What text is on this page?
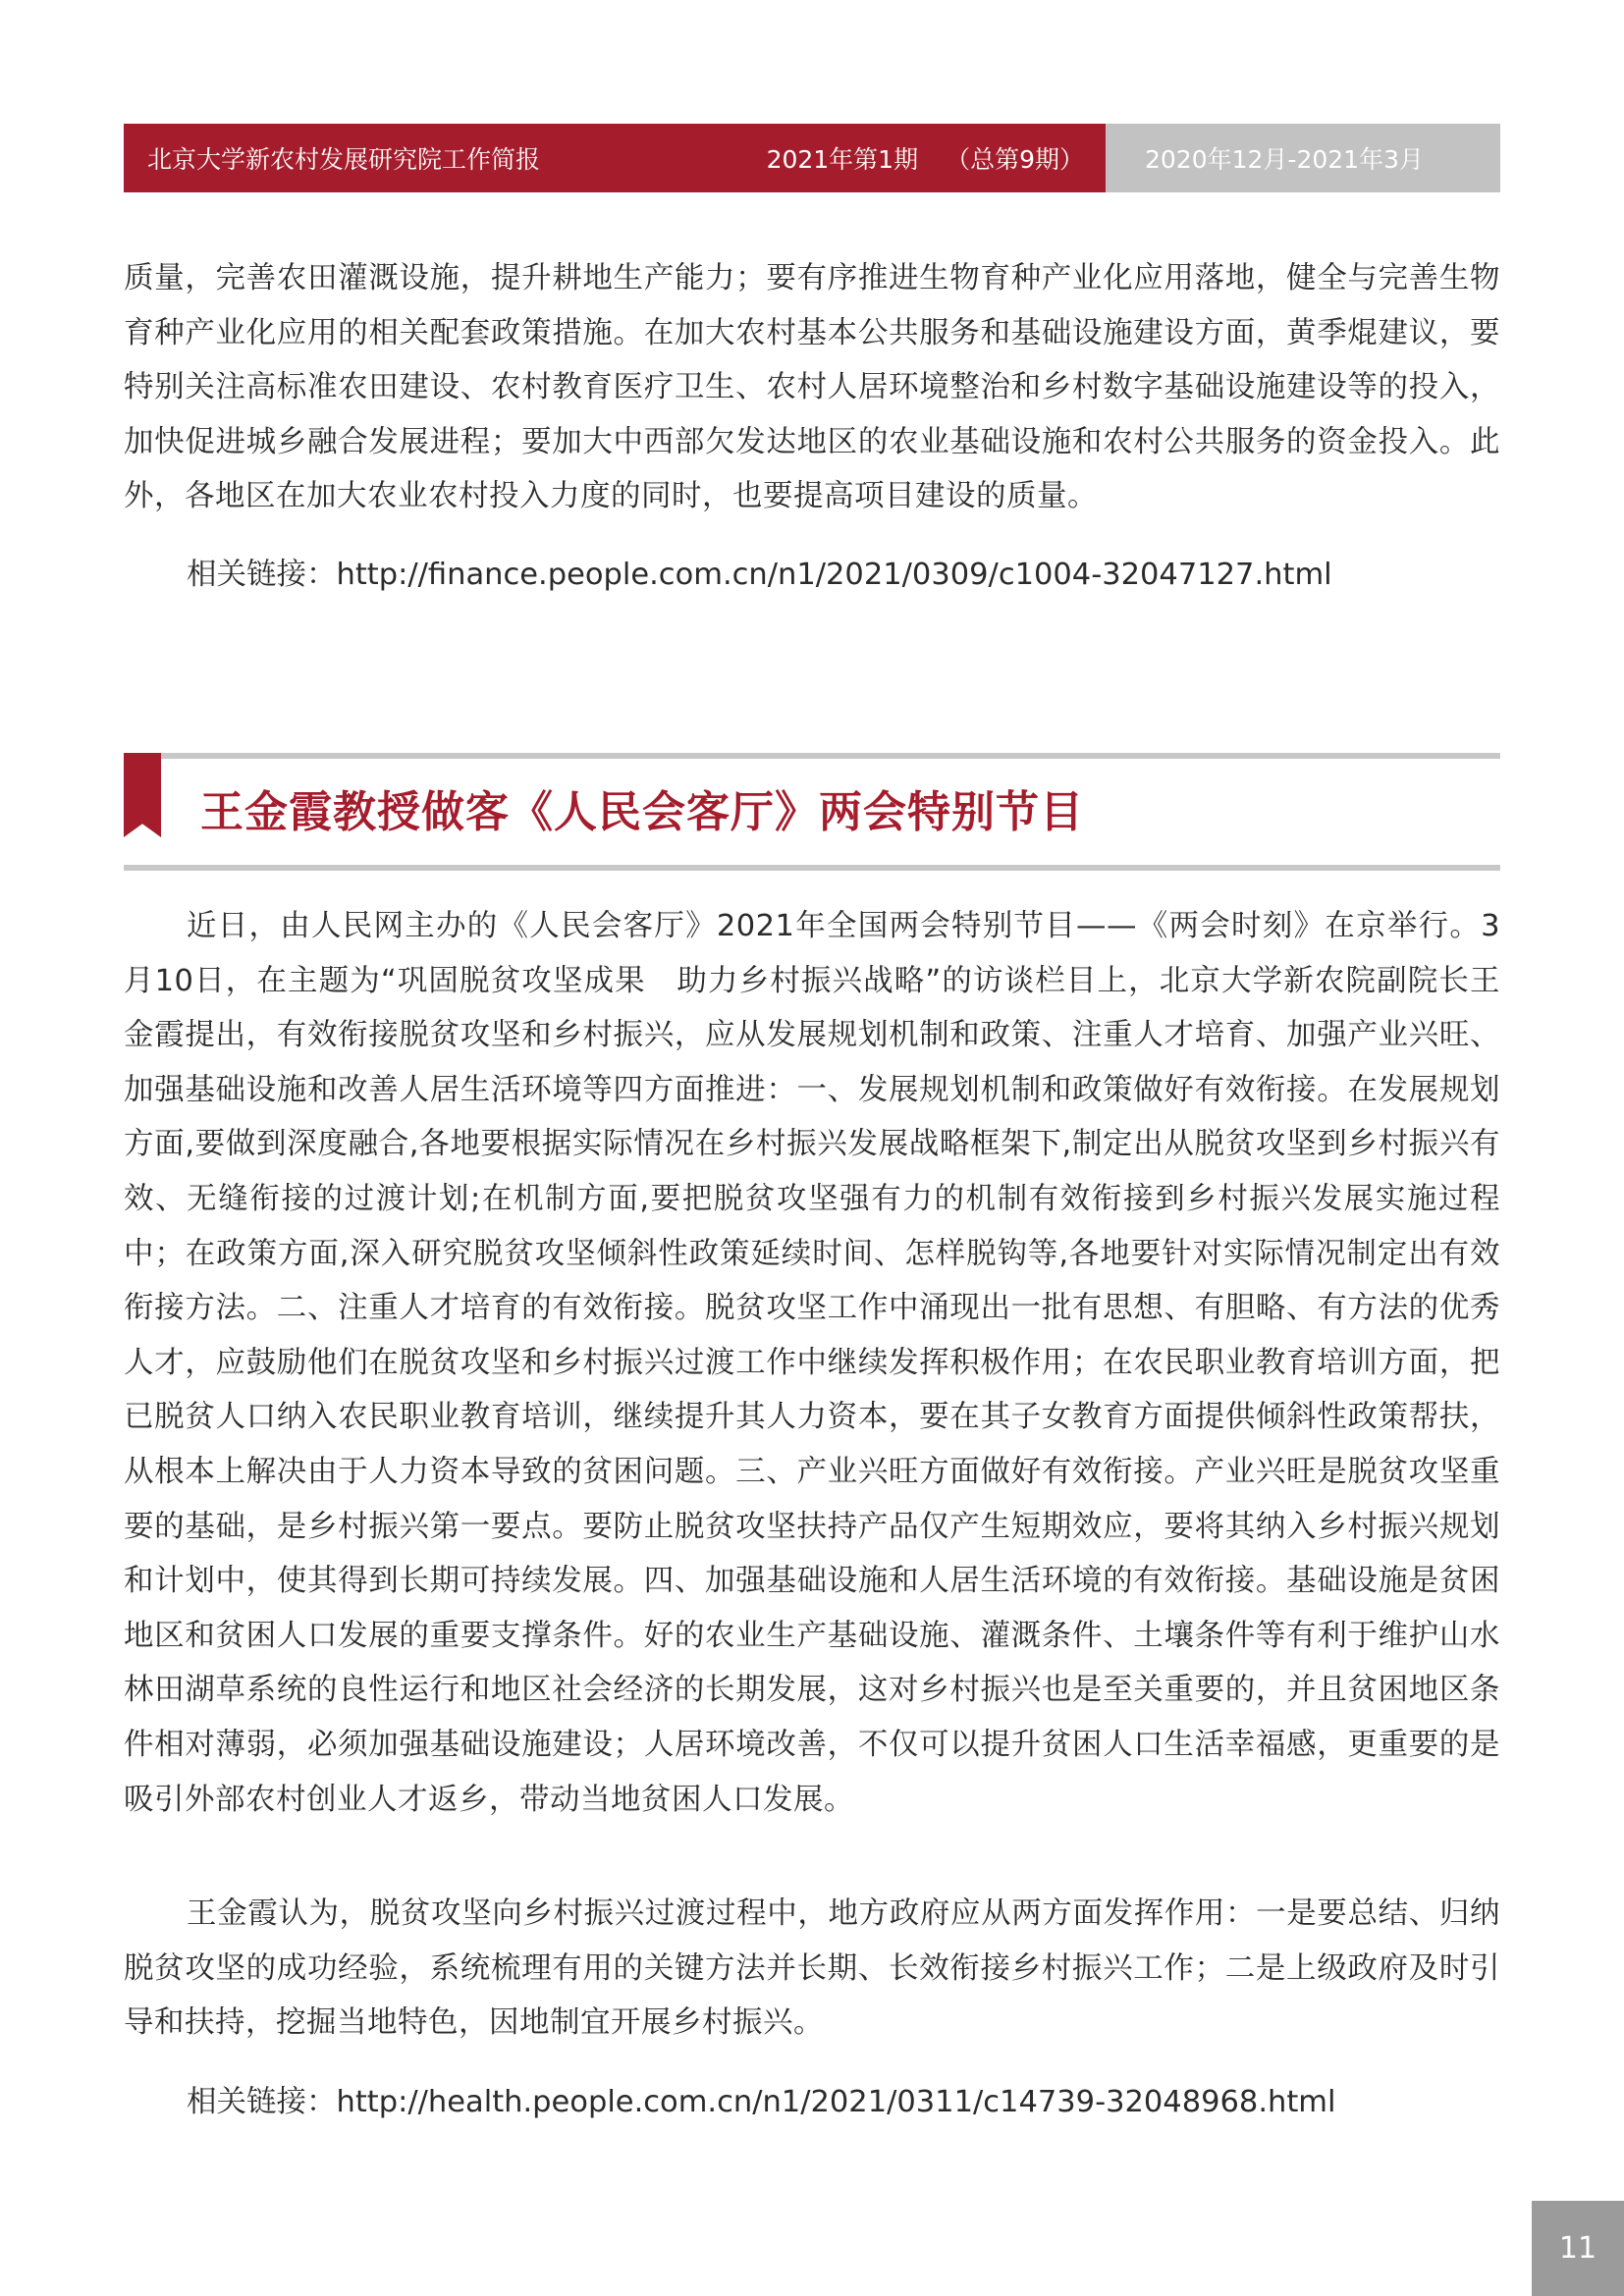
北京大学新农村发展研究院工作简报	2021年第1期 （总第9期） 2020年12月-2021年3月

质量，完善农田灌溉设施，提升耕地生产能力；要有序推进生物育种产业化应用落地，健全与完善生物育种产业化应用的相关配套政策措施。在加大农村基本公共服务和基础设施建设方面，黄季焜建议，要特别关注高标准农田建设、农村教育医疗卫生、农村人居环境整治和乡村数字基础设施建设等的投入，加快促进城乡融合发展进程；要加大中西部欠发达地区的农业基础设施和农村公共服务的资金投入。此外，各地区在加大农业农村投入力度的同时，也要提高项目建设的质量。

相关链接：http://finance.people.com.cn/n1/2021/0309/c1004-32047127.html

王金霞教授做客《人民会客厅》两会特别节目

近日，由人民网主办的《人民会客厅》2021年全国两会特别节目——《两会时刻》在京举行。3月10日，在主题为“巩固脱贫攻坚成果　助力乡村振兴战略”的访谈栏目上，北京大学新农院副院长王金霞提出，有效衔接脱贫攻坚和乡村振兴，应从发展规划机制和政策、注重人才培育、加强产业兴旺、加强基础设施和改善人居生活环境等四方面推进：一、发展规划机制和政策做好有效衔接。在发展规划方面,要做到深度融合,各地要根据实际情况在乡村振兴发展战略框架下,制定出从脱贫攻坚到乡村振兴有效、无缝衔接的过渡计划;在机制方面,要把脱贫攻坚强有力的机制有效衔接到乡村振兴发展实施过程中；在政策方面,深入研究脱贫攻坚倾斜性政策延续时间、怎样脱钩等,各地要针对实际情况制定出有效衔接方法。二、注重人才培育的有效衔接。脱贫攻坚工作中涌现出一批有思想、有胆略、有方法的优秀人才，应鼓励他们在脱贫攻坚和乡村振兴过渡工作中继续发挥积极作用；在农民职业教育培训方面，把已脱贫人口纳入农民职业教育培训，继续提升其人力资本，要在其子女教育方面提供倾斜性政策帮扶，从根本上解决由于人力资本导致的贫困问题。三、产业兴旺方面做好有效衔接。产业兴旺是脱贫攻坚重要的基础，是乡村振兴第一要点。要防止脱贫攻坚扶持产品仅产生短期效应，要将其纳入乡村振兴规划和计划中，使其得到长期可持续发展。四、加强基础设施和人居生活环境的有效衔接。基础设施是贫困地区和贫困人口发展的重要支撑条件。好的农业生产基础设施、灌溉条件、土壤条件等有利于维护山水林田湖草系统的良性运行和地区社会经济的长期发展，这对乡村振兴也是至关重要的，并且贫困地区条件相对薄弱，必须加强基础设施建设；人居环境改善，不仅可以提升贫困人口生活幸福感，更重要的是吸引外部农村创业人才返乡，带动当地贫困人口发展。

王金霞认为，脱贫攻坚向乡村振兴过渡过程中，地方政府应从两方面发挥作用：一是要总结、归纳脱贫攻坚的成功经验，系统梳理有用的关键方法并长期、长效衔接乡村振兴工作；二是上级政府及时引导和扶持，挖掘当地特色，因地制宜开展乡村振兴。

相关链接：http://health.people.com.cn/n1/2021/0311/c14739-32048968.html

11
